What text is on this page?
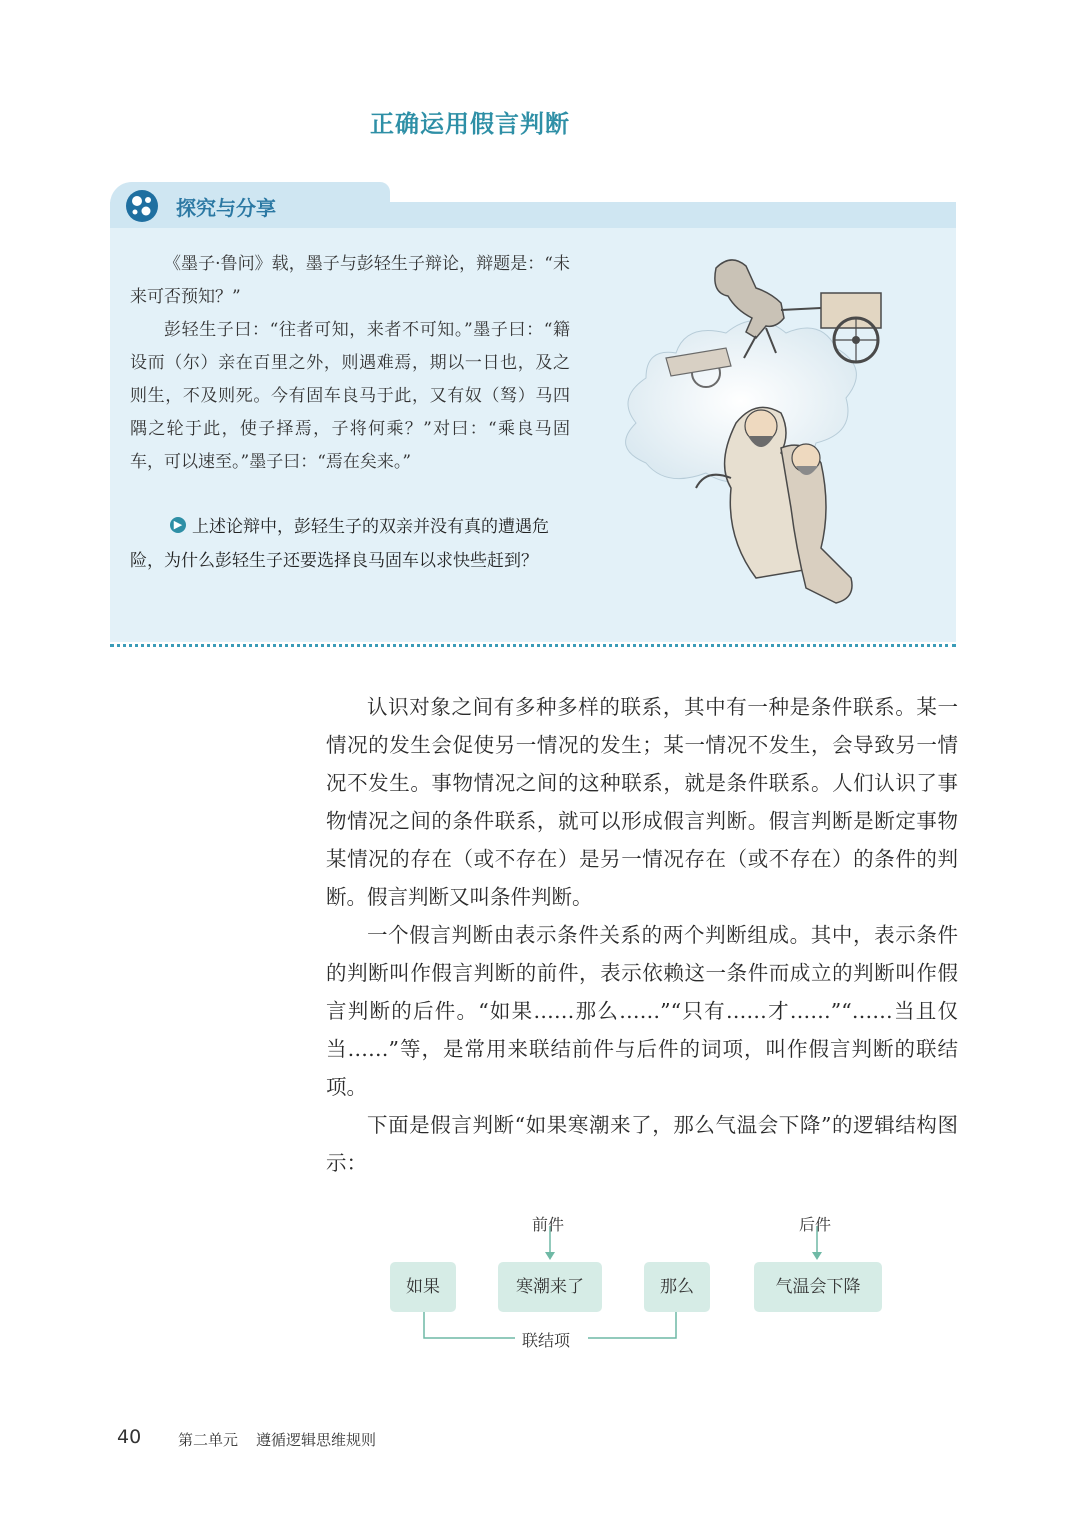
正确运用假言判断
探究与分享

《墨子·鲁问》载，墨子与彭轻生子辩论，辩题是：“未来可否预知？”

彭轻生子曰：“往者可知，来者不可知。”墨子曰：“籍设而（尔）亲在百里之外，则遇难焉，期以一日也，及之则生，不及则死。今有固车良马于此，又有奴（驽）马四隅之轮于此，使子择焉，子将何乘？”对曰：“乘良马固车，可以速至。”墨子曰：“焉在矣来。”

▶ 上述论辩中，彭轻生子的双亲并没有真的遭遇危险，为什么彭轻生子还要选择良马固车以求快些赶到？

认识对象之间有多种多样的联系，其中有一种是条件联系。某一情况的发生会促使另一情况的发生；某一情况不发生，会导致另一情况不发生。事物情况之间的这种联系，就是条件联系。人们认识了事物情况之间的条件联系，就可以形成假言判断。假言判断是断定事物某情况的存在（或不存在）是另一情况存在（或不存在）的条件的判断。假言判断又叫条件判断。

一个假言判断由表示条件关系的两个判断组成。其中，表示条件的判断叫作假言判断的前件，表示依赖这一条件而成立的判断叫作假言判断的后件。“如果……那么……”“只有……才……”“……当且仅当……”等，是常用来联结前件与后件的词项，叫作假言判断的联结项。

下面是假言判断“如果寒潮来了，那么气温会下降”的逻辑结构图示：

前件	后件
如果	寒潮来了	那么	气温会下降
联结项
40 第二单元 遵循逻辑思维规则
